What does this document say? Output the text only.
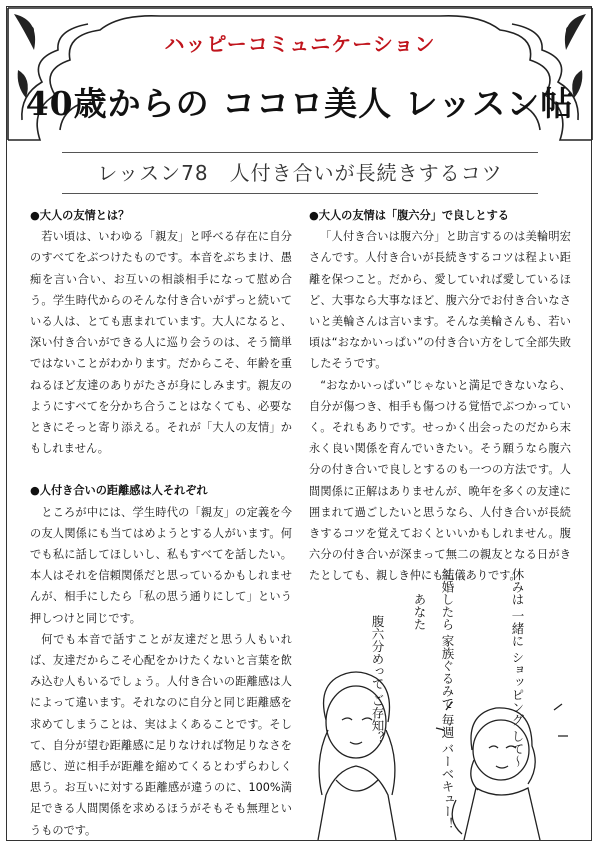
ハッピーコミュニケーション
40歳からの ココロ美人 レッスン帖
レッスン78　人付き合いが長続きするコツ

●大人の友情とは？

若い頃は、いわゆる「親友」と呼べる存在に自分のすべてをぶつけたものです。本音をぶちまけ、愚痴を言い合い、お互いの相談相手になって慰め合う。学生時代からのそんな付き合いがずっと続いている人は、とても恵まれています。大人になると、深い付き合いができる人に巡り会うのは、そう簡単ではないことがわかります。だからこそ、年齢を重ねるほど友達のありがたさが身にしみます。親友のようにすべてを分かち合うことはなくても、必要なときにそっと寄り添える。それが「大人の友情」かもしれません。

●人付き合いの距離感は人それぞれ

ところが中には、学生時代の「親友」の定義を今の友人関係にも当てはめようとする人がいます。何でも私に話してほしいし、私もすべてを話したい。本人はそれを信頼関係だと思っているかもしれませんが、相手にしたら「私の思う通りにして」という押しつけと同じです。

何でも本音で話すことが友達だと思う人もいれば、友達だからこそ心配をかけたくないと言葉を飲み込む人もいるでしょう。人付き合いの距離感は人によって違います。それなのに自分と同じ距離感を求めてしまうことは、実はよくあることです。そして、自分が望む距離感に足りなければ物足りなさを感じ、逆に相手が距離を縮めてくるとわずらわしく思う。お互いに対する距離感が違うのに、100%満足できる人間関係を求めるほうがそもそも無理というものです。

●大人の友情は「腹六分」で良しとする

「人付き合いは腹六分」と助言するのは美輪明宏さんです。人付き合いが長続きするコツは程よい距離を保つこと。だから、愛していれば愛しているほど、大事なら大事なほど、腹六分でお付き合いなさいと美輪さんは言います。そんな美輪さんも、若い頃は“おなかいっぱい”の付き合い方をして全部失敗したそうです。

“おなかいっぱい”じゃないと満足できないなら、自分が傷つき、相手も傷つける覚悟でぶつかっていく。それもありです。せっかく出会ったのだから末永く良い関係を育んでいきたい。そう願うなら腹六分の付き合いで良しとするのも一つの方法です。人間関係に正解はありませんが、晩年を多くの友達に囲まれて過ごしたいと思うなら、人付き合いが長続きするコツを覚えておくといいかもしれません。腹六分の付き合いが深まって無二の親友となる日がきたとしても、親しき仲にも礼儀ありです。

腹六分めって ご存知？
あなた 結婚したら 家族ぐるみで 毎週 バーベキュー！	休みは 一緒に ショッピング して～
